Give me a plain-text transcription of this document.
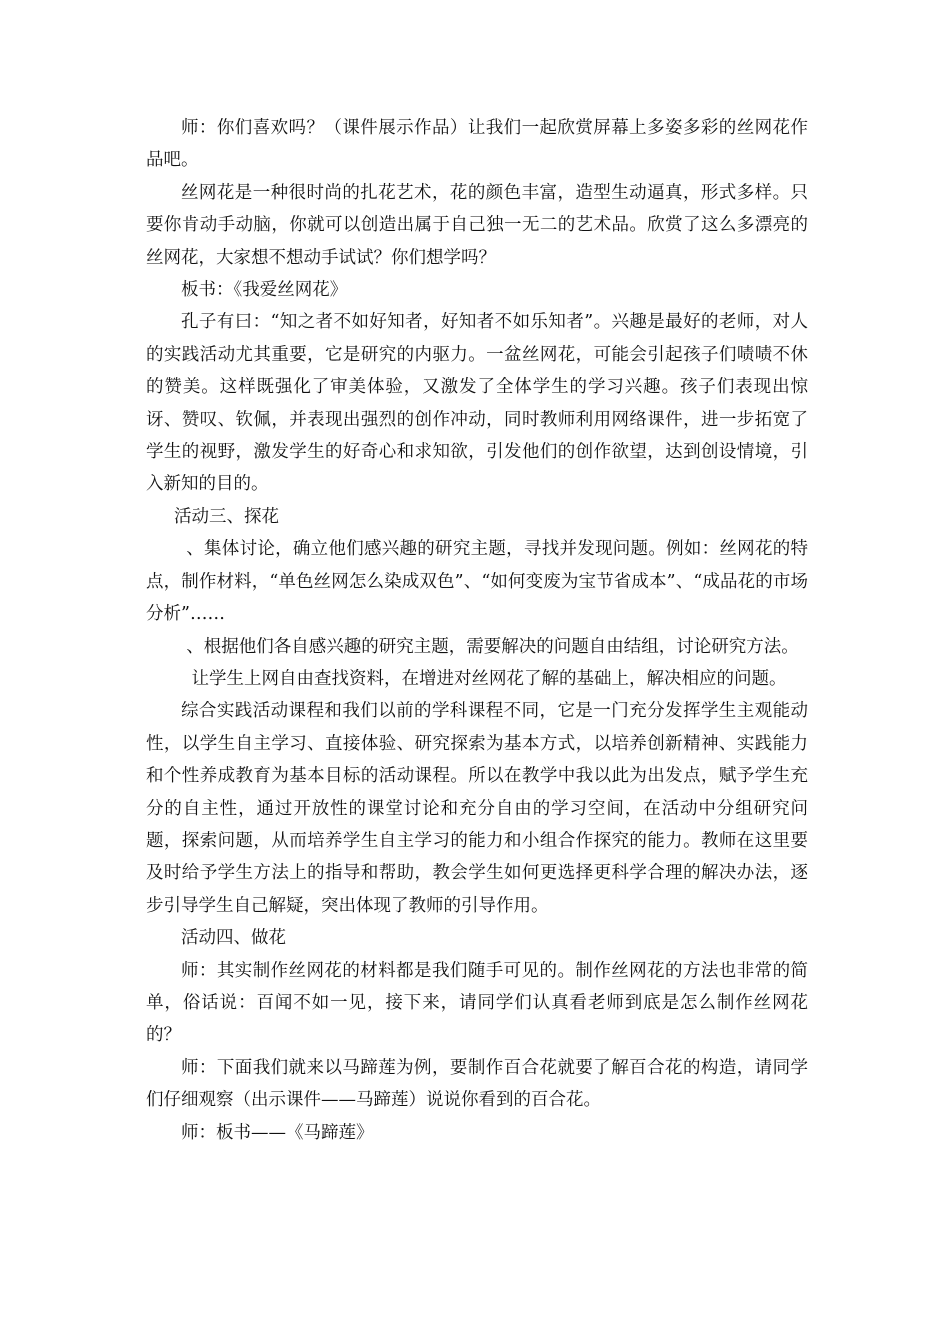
师：你们喜欢吗？（课件展示作品）让我们一起欣赏屏幕上多姿多彩的丝网花作品吧。

丝网花是一种很时尚的扎花艺术，花的颜色丰富，造型生动逼真，形式多样。只要你肯动手动脑，你就可以创造出属于自己独一无二的艺术品。欣赏了这么多漂亮的丝网花，大家想不想动手试试？你们想学吗？

板书：《我爱丝网花》

孔子有曰：“知之者不如好知者，好知者不如乐知者”。兴趣是最好的老师，对人的实践活动尤其重要，它是研究的内驱力。一盆丝网花，可能会引起孩子们啧啧不休的赞美。这样既强化了审美体验，又激发了全体学生的学习兴趣。孩子们表现出惊讶、赞叹、钦佩，并表现出强烈的创作冲动，同时教师利用网络课件，进一步拓宽了学生的视野，激发学生的好奇心和求知欲，引发他们的创作欲望，达到创设情境，引入新知的目的。

活动三、探花

、集体讨论，确立他们感兴趣的研究主题，寻找并发现问题。例如：丝网花的特点，制作材料，“单色丝网怎么染成双色”、“如何变废为宝节省成本”、“成品花的市场分析”……

、根据他们各自感兴趣的研究主题，需要解决的问题自由结组，讨论研究方法。

让学生上网自由查找资料，在增进对丝网花了解的基础上，解决相应的问题。

综合实践活动课程和我们以前的学科课程不同，它是一门充分发挥学生主观能动性，以学生自主学习、直接体验、研究探索为基本方式，以培养创新精神、实践能力和个性养成教育为基本目标的活动课程。所以在教学中我以此为出发点，赋予学生充分的自主性，通过开放性的课堂讨论和充分自由的学习空间，在活动中分组研究问题，探索问题，从而培养学生自主学习的能力和小组合作探究的能力。教师在这里要及时给予学生方法上的指导和帮助，教会学生如何更选择更科学合理的解决办法，逐步引导学生自己解疑，突出体现了教师的引导作用。

活动四、做花

师：其实制作丝网花的材料都是我们随手可见的。制作丝网花的方法也非常的简单，俗话说：百闻不如一见，接下来，请同学们认真看老师到底是怎么制作丝网花的？

师：下面我们就来以马蹄莲为例，要制作百合花就要了解百合花的构造，请同学们仔细观察（出示课件——马蹄莲）说说你看到的百合花。

师：板书——《马蹄莲》
